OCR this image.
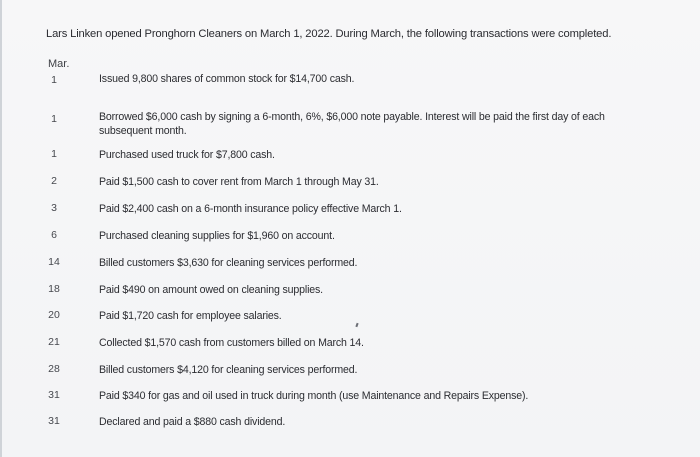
Lars Linken opened Pronghorn Cleaners on March 1, 2022. During March, the following transactions were completed.
Mar.
1	Issued 9,800 shares of common stock for $14,700 cash.
1	Borrowed $6,000 cash by signing a 6-month, 6%, $6,000 note payable. Interest will be paid the first day of each subsequent month.
1	Purchased used truck for $7,800 cash.
2	Paid $1,500 cash to cover rent from March 1 through May 31.
3	Paid $2,400 cash on a 6-month insurance policy effective March 1.
6	Purchased cleaning supplies for $1,960 on account.
14	Billed customers $3,630 for cleaning services performed.
18	Paid $490 on amount owed on cleaning supplies.
20	Paid $1,720 cash for employee salaries.
21	Collected $1,570 cash from customers billed on March 14.
28	Billed customers $4,120 for cleaning services performed.
31	Paid $340 for gas and oil used in truck during month (use Maintenance and Repairs Expense).
31	Declared and paid a $880 cash dividend.
